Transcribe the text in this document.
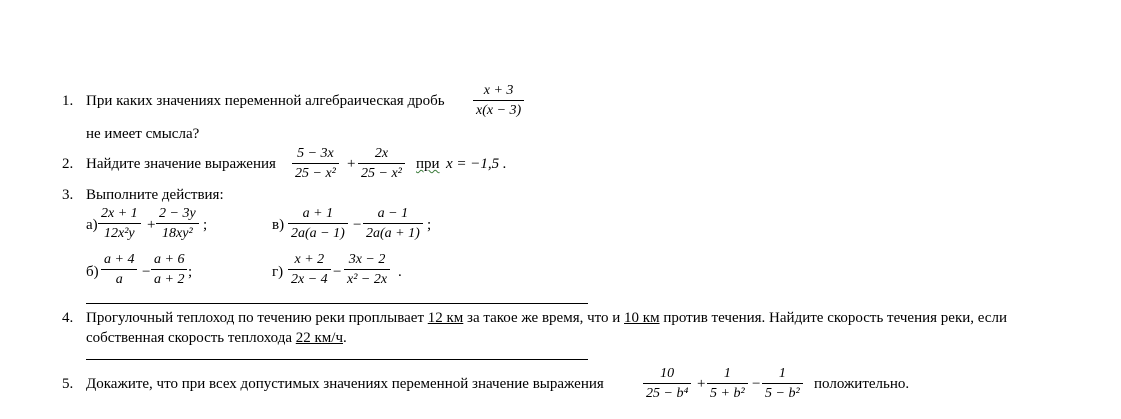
1. При каких значениях переменной алгебраическая дробь $\frac{x + 3}{x(x - 3)}$
не имеет смысла?
2. Найдите значение выражения $\frac{5 - 3x}{\text{25 − x²}} + \frac{2x}{\text{25 − x²}}$ при x = −1,5 .
3. Выполните действия:
$а) \frac{2x + 1}{\text{12x²y}} + \frac{2 - 3y}{\text{18xy²}}$ ;	$в) \frac{a + 1}{2a(a - 1)} - \frac{a - 1}{2a(a + 1)}$ ;
$б) \frac{a + 4}{a} - \frac{a + 6}{a + 2}$ ;	$г) \frac{x + 2}{2x - 4} - \frac{3x - 2}{\text{x² − 2x}}$ .
4. Прогулочный теплоход по течению реки проплывает 12 км за такое же время, что и 10 км против течения. Найдите скорость течения реки, если
собственная скорость теплохода 22 км/ч.
5. Докажите, что при всех допустимых значениях переменной значение выражения	$\frac{10}{\text{25 − b⁴}} + \frac{1}{\text{5 + b²}} - \frac{1}{\text{5 − b²}}$ положительно.
